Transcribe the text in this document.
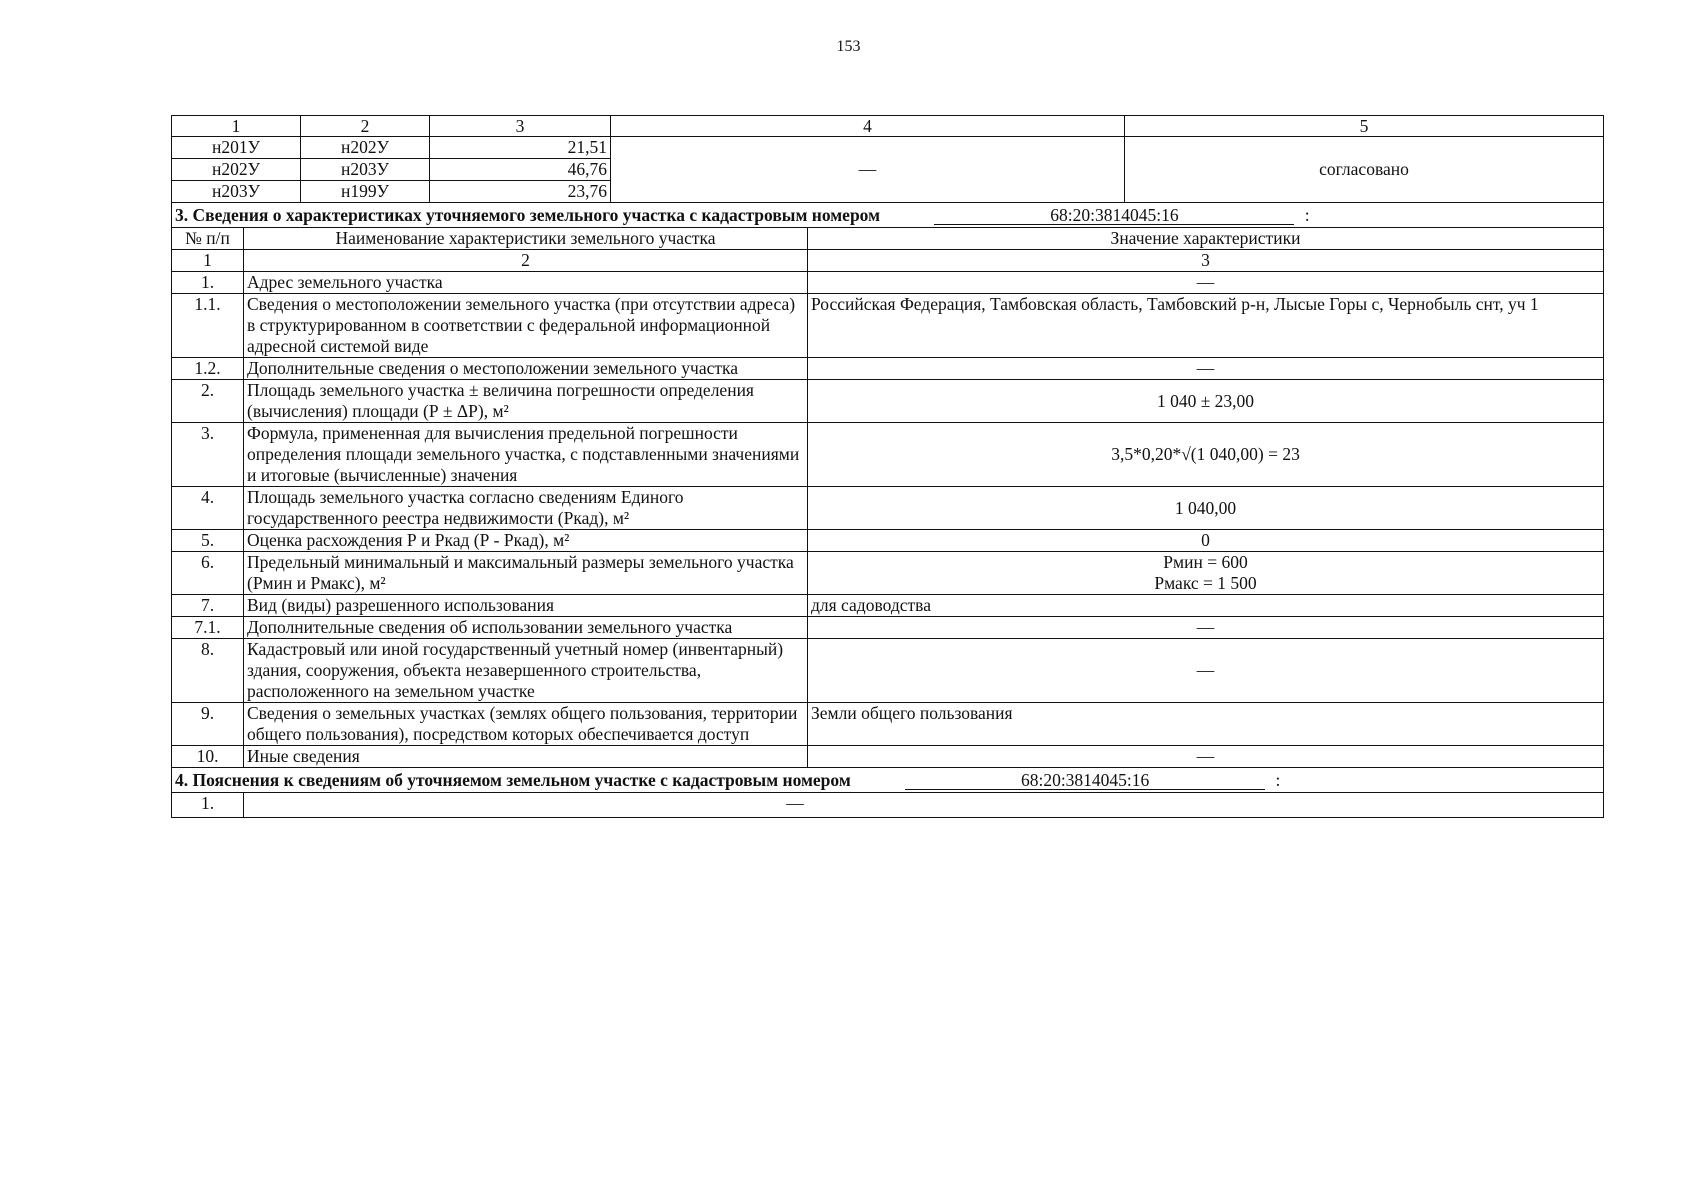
153
1	2	3	4	5
н201У	н202У	21,51	—	согласовано
н202У	н203У	46,76		
н203У	н199У	23,76		
3. Сведения о характеристиках уточняемого земельного участка с кадастровым номером 68:20:3814045:16 :		
№ п/п	Наименование характеристики земельного участка	Значение характеристики
1	2	3
1.	Адрес земельного участка	—
1.1.	Сведения о местоположении земельного участка (при отсутствии адреса) в структурированном в соответствии с федеральной информационной адресной системой виде	Российская Федерация, Тамбовская область, Тамбовский р-н, Лысые Горы с, Чернобыль снт, уч 1
1.2.	Дополнительные сведения о местоположении земельного участка	—
2.	Площадь земельного участка ± величина погрешности определения (вычисления) площади (Р ± ΔР), м²	1 040 ± 23,00
3.	Формула, примененная для вычисления предельной погрешности определения площади земельного участка, с подставленными значениями и итоговые (вычисленные) значения	3,5*0,20*√(1 040,00) = 23
4.	Площадь земельного участка согласно сведениям Единого государственного реестра недвижимости (Ркад), м²	1 040,00
5.	Оценка расхождения Р и Ркад (Р - Ркад), м²	0
6.	Предельный минимальный и максимальный размеры земельного участка (Рмин и Рмакс), м²	Рмин = 600
Рмакс = 1 500

7.	Вид (виды) разрешенного использования	для садоводства
7.1.	Дополнительные сведения об использовании земельного участка	—
8.	Кадастровый или иной государственный учетный номер (инвентарный) здания, сооружения, объекта незавершенного строительства, расположенного на земельном участке	—
9.	Сведения о земельных участках (землях общего пользования, территории общего пользования), посредством которых обеспечивается доступ	Земли общего пользования
10.	Иные сведения	—
4. Пояснения к сведениям об уточняемом земельном участке с кадастровым номером	68:20:3814045:16	:
1.	—
